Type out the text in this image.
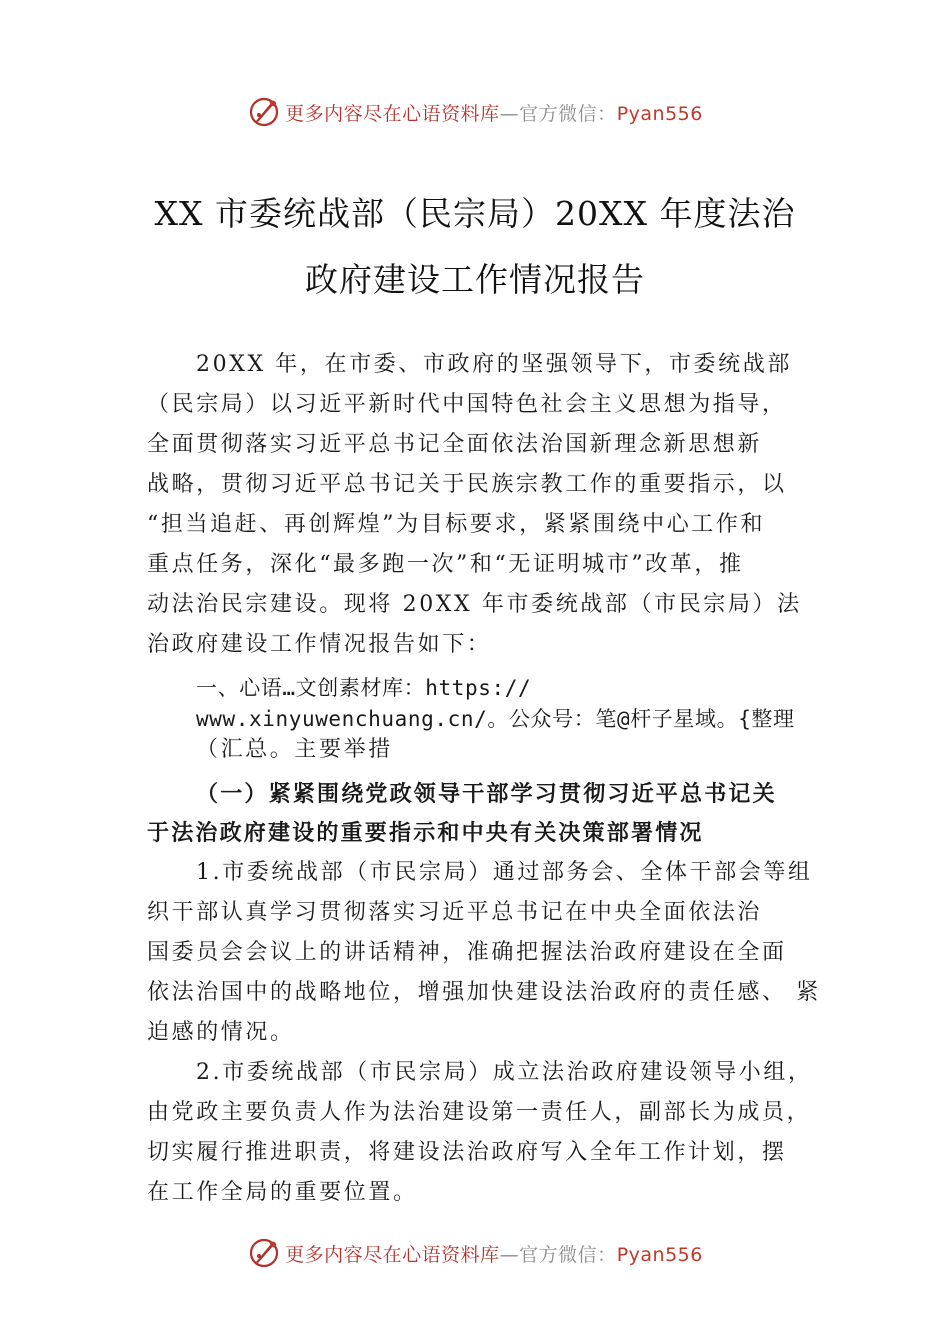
更多内容尽在心语资料库—官方微信：Pyan556
XX 市委统战部（民宗局）20XX 年度法治
政府建设工作情况报告
20XX 年，在市委、市政府的坚强领导下，市委统战部
（民宗局）以习近平新时代中国特色社会主义思想为指导，
全面贯彻落实习近平总书记全面依法治国新理念新思想新
战略，贯彻习近平总书记关于民族宗教工作的重要指示，以
“担当追赶、再创辉煌”为目标要求，紧紧围绕中心工作和
重点任务，深化“最多跑一次”和“无证明城市”改革，推
动法治民宗建设。现将 20XX 年市委统战部（市民宗局）法
治政府建设工作情况报告如下：
一、心语…文创素材库：https://
www.xinyuwenchuang.cn/。公众号：笔@杆子星域。{整理
（汇总。主要举措
（一）紧紧围绕党政领导干部学习贯彻习近平总书记关
于法治政府建设的重要指示和中央有关决策部署情况
1.市委统战部（市民宗局）通过部务会、全体干部会等组
织干部认真学习贯彻落实习近平总书记在中央全面依法治
国委员会会议上的讲话精神，准确把握法治政府建设在全面
依法治国中的战略地位，增强加快建设法治政府的责任感、 紧
迫感的情况。
2.市委统战部（市民宗局）成立法治政府建设领导小组，
由党政主要负责人作为法治建设第一责任人，副部长为成员，
切实履行推进职责，将建设法治政府写入全年工作计划，摆
在工作全局的重要位置。
更多内容尽在心语资料库—官方微信：Pyan556
